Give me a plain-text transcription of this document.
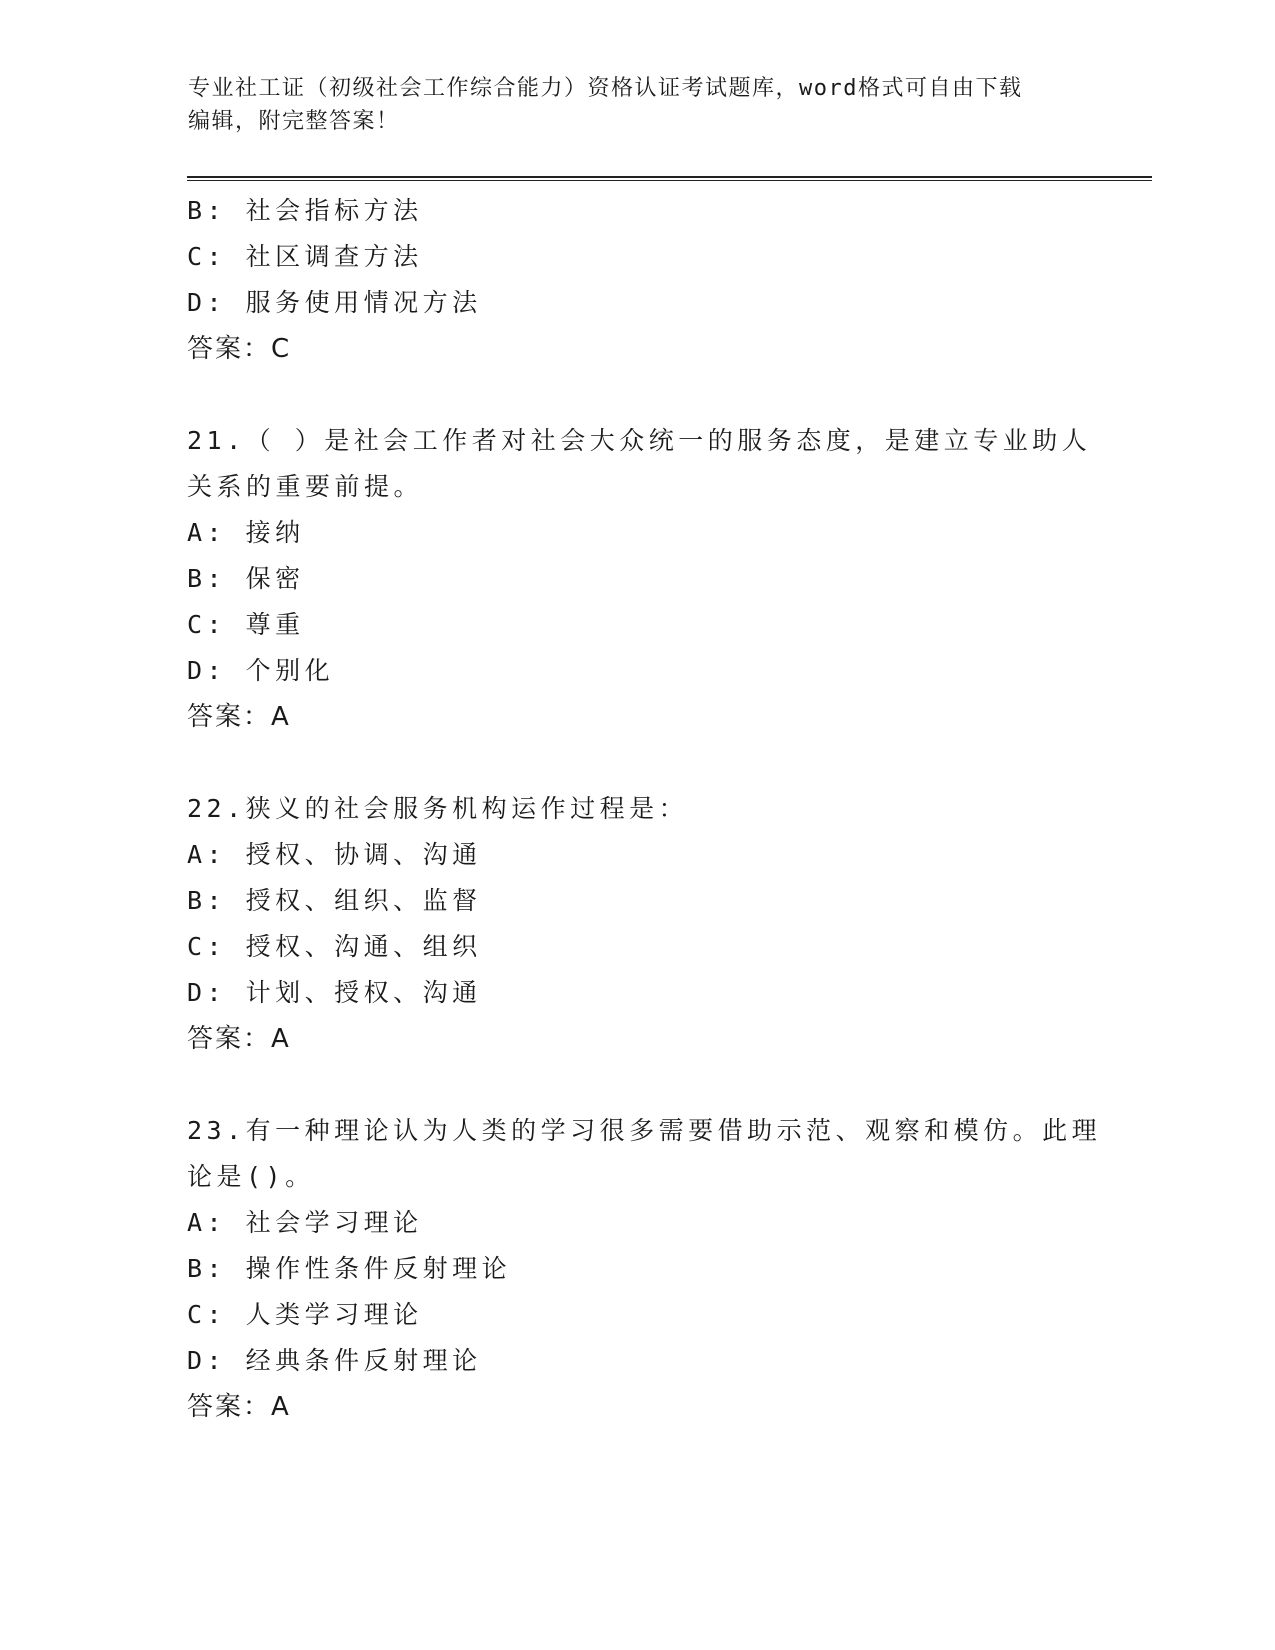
专业社工证（初级社会工作综合能力）资格认证考试题库，word格式可自由下载
编辑，附完整答案！
B: 社会指标方法
C: 社区调查方法
D: 服务使用情况方法
答案：C
21.（ ）是社会工作者对社会大众统一的服务态度，是建立专业助人
关系的重要前提。
A: 接纳
B: 保密
C: 尊重
D: 个别化
答案：A
22.狭义的社会服务机构运作过程是：
A: 授权、协调、沟通
B: 授权、组织、监督
C: 授权、沟通、组织
D: 计划、授权、沟通
答案：A
23.有一种理论认为人类的学习很多需要借助示范、观察和模仿。此理
论是()。
A: 社会学习理论
B: 操作性条件反射理论
C: 人类学习理论
D: 经典条件反射理论
答案：A
